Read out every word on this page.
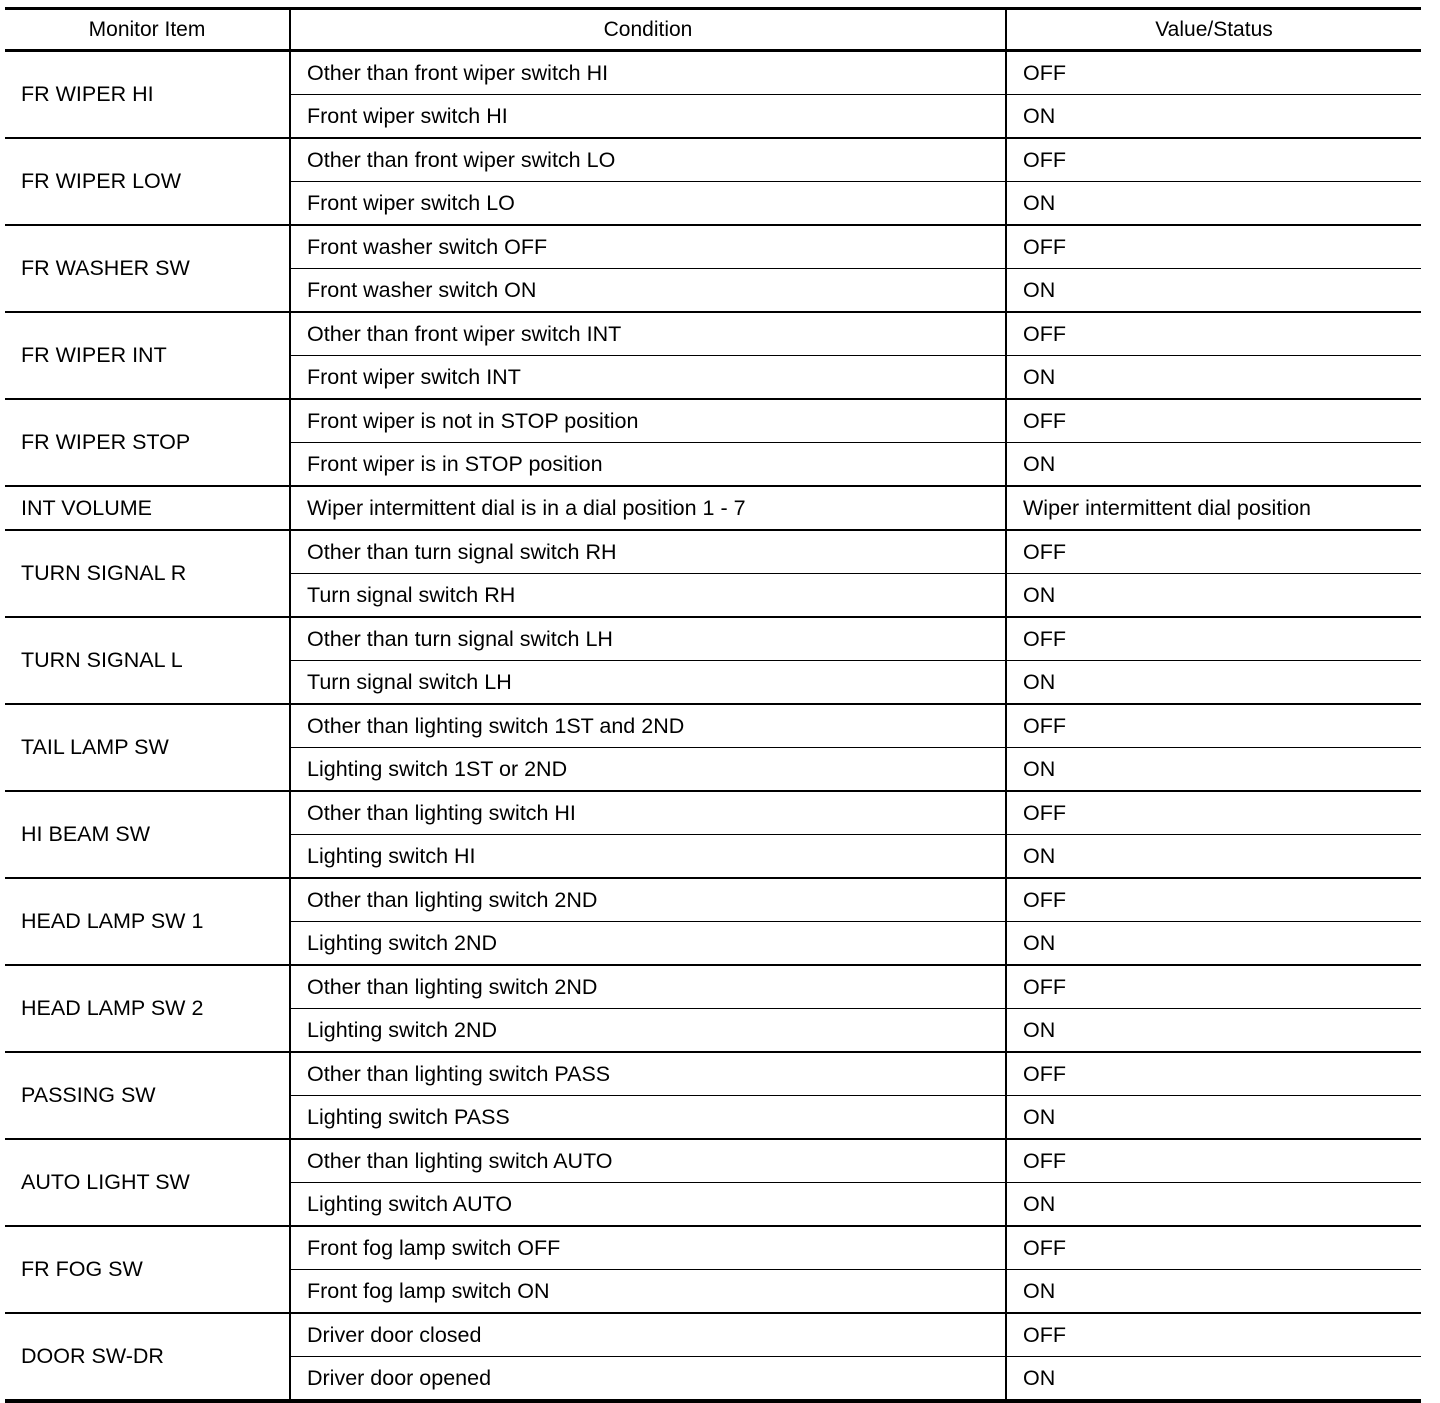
Monitor Item	Condition	Value/Status
FR WIPER HI	Other than front wiper switch HI	OFF
	Front wiper switch HI	ON
FR WIPER LOW	Other than front wiper switch LO	OFF
	Front wiper switch LO	ON
FR WASHER SW	Front washer switch OFF	OFF
	Front washer switch ON	ON
FR WIPER INT	Other than front wiper switch INT	OFF
	Front wiper switch INT	ON
FR WIPER STOP	Front wiper is not in STOP position	OFF
	Front wiper is in STOP position	ON
INT VOLUME	Wiper intermittent dial is in a dial position 1 - 7	Wiper intermittent dial position
TURN SIGNAL R	Other than turn signal switch RH	OFF
	Turn signal switch RH	ON
TURN SIGNAL L	Other than turn signal switch LH	OFF
	Turn signal switch LH	ON
TAIL LAMP SW	Other than lighting switch 1ST and 2ND	OFF
	Lighting switch 1ST or 2ND	ON
HI BEAM SW	Other than lighting switch HI	OFF
	Lighting switch HI	ON
HEAD LAMP SW 1	Other than lighting switch 2ND	OFF
	Lighting switch 2ND	ON
HEAD LAMP SW 2	Other than lighting switch 2ND	OFF
	Lighting switch 2ND	ON
PASSING SW	Other than lighting switch PASS	OFF
	Lighting switch PASS	ON
AUTO LIGHT SW	Other than lighting switch AUTO	OFF
	Lighting switch AUTO	ON
FR FOG SW	Front fog lamp switch OFF	OFF
	Front fog lamp switch ON	ON
DOOR SW-DR	Driver door closed	OFF
	Driver door opened	ON
